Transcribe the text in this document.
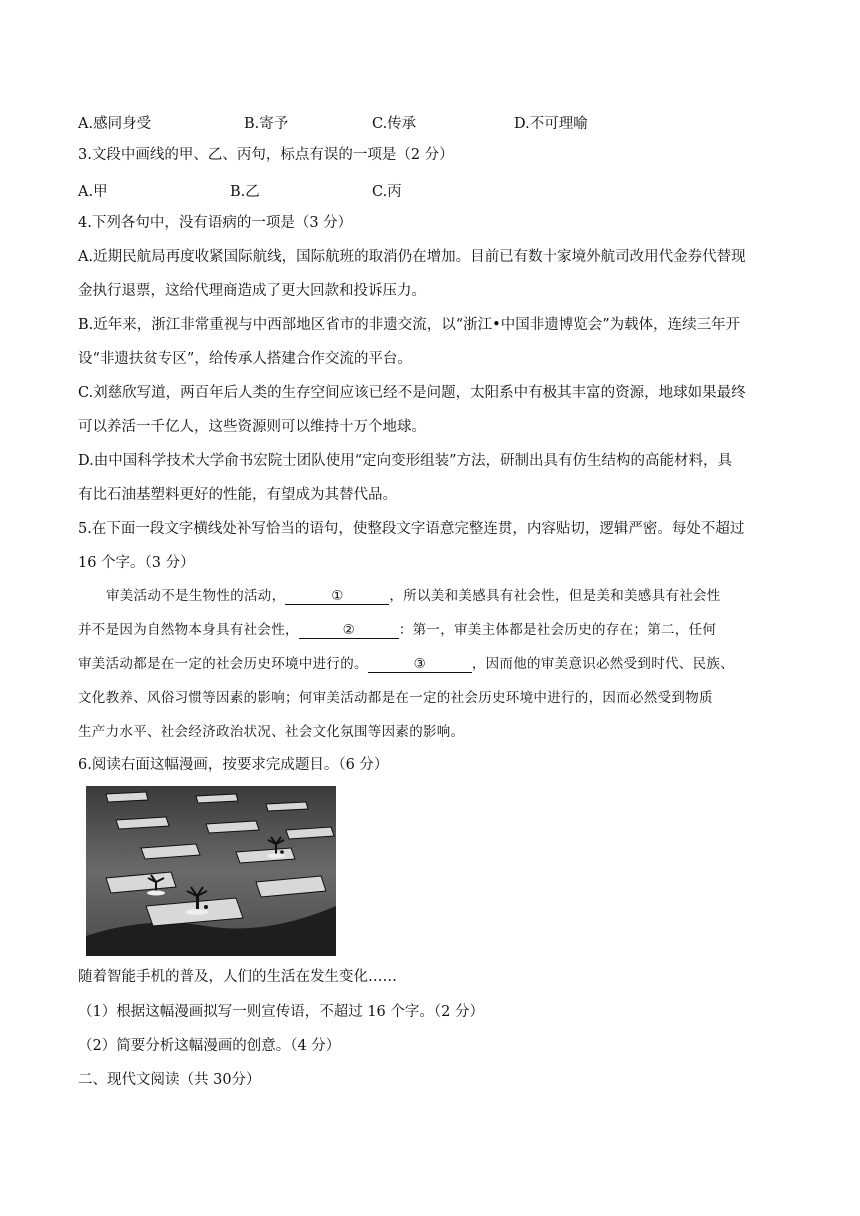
A.感同身受	B.寄予	C.传承	D.不可理喻
3.文段中画线的甲、乙、丙句，标点有误的一项是（2 分）
A.甲	B.乙	C.丙
4.下列各句中，没有语病的一项是（3 分）
A.近期民航局再度收紧国际航线，国际航班的取消仍在增加。目前已有数十家境外航司改用代金券代替现
金执行退票，这给代理商造成了更大回款和投诉压力。
B.近年来，浙江非常重视与中西部地区省市的非遗交流，以“浙江•中国非遗博览会”为载体，连续三年开
设“非遗扶贫专区”，给传承人搭建合作交流的平台。
C.刘慈欣写道，两百年后人类的生存空间应该已经不是问题，太阳系中有极其丰富的资源，地球如果最终
可以养活一千亿人，这些资源则可以维持十万个地球。
D.由中国科学技术大学俞书宏院士团队使用“定向变形组装”方法，研制出具有仿生结构的高能材料，具
有比石油基塑料更好的性能，有望成为其替代品。
5.在下面一段文字横线处补写恰当的语句，使整段文字语意完整连贯，内容贴切，逻辑严密。每处不超过
16 个字。（3 分）
审美活动不是生物性的活动，	①	，所以美和美感具有社会性，但是美和美感具有社会性
并不是因为自然物本身具有社会性，	②	：第一，审美主体都是社会历史的存在；第二，任何
审美活动都是在一定的社会历史环境中进行的。	③	，因而他的审美意识必然受到时代、民族、
文化教养、风俗习惯等因素的影响；何审美活动都是在一定的社会历史环境中进行的，因而必然受到物质
生产力水平、社会经济政治状况、社会文化氛围等因素的影响。
6.阅读右面这幅漫画，按要求完成题目。（6 分）
随着智能手机的普及，人们的生活在发生变化……
（1）根据这幅漫画拟写一则宣传语，不超过 16 个字。（2 分）
（2）简要分析这幅漫画的创意。（4 分）
二、现代文阅读（共 30分）
